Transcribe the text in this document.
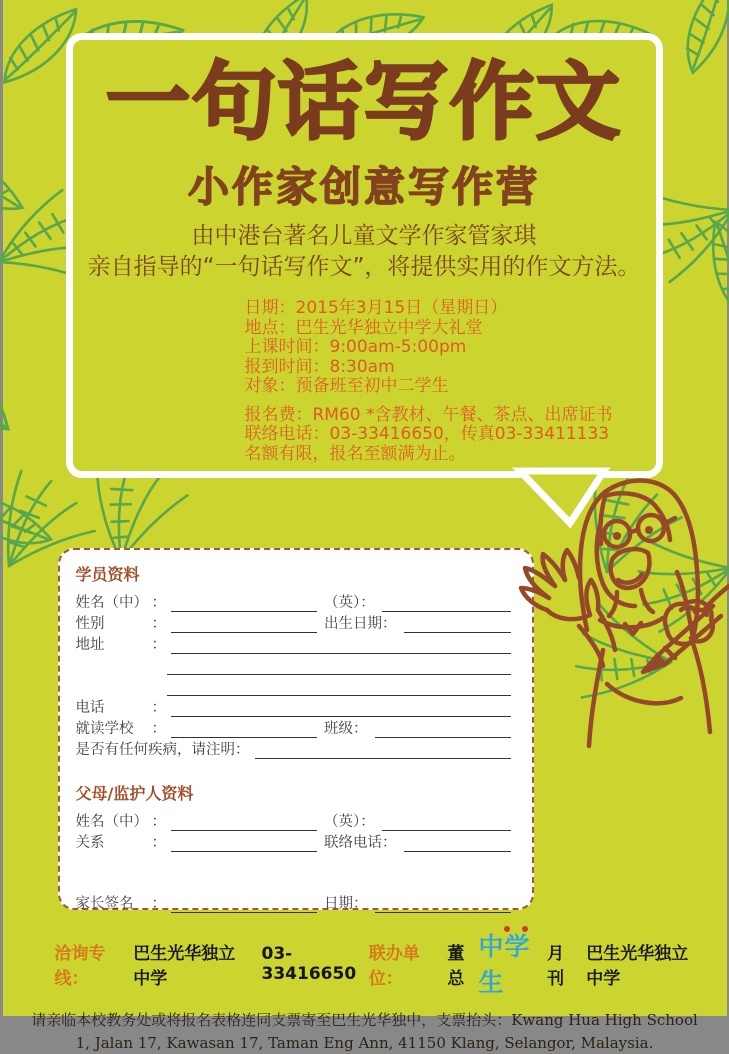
一句话写作文
小作家创意写作营
由中港台著名儿童文学作家管家琪
亲自指导的“一句话写作文”，将提供实用的作文方法。

日期：2015年3月15日（星期日）

地点：巴生光华独立中学大礼堂

上课时间：9:00am-5:00pm

报到时间：8:30am

对象：预备班至初中二学生

报名费：RM60 *含教材、午餐、茶点、出席证书

联络电话：03-33416650，传真03-33411133

名额有限，报名至额满为止。

学员资料

姓名（中） ：	（英）：
性别	：	出生日期：
地址	：
电话	：
就读学校	：	班级：
是否有任何疾病，请注明：

父母/监护人资料

姓名（中） ：	（英）：
关系	：	联络电话：
家长签名	：	日期：
洽询专线：
巴生光华独立中学
03-33416650
联办单位：
董总
中学生
月刊
巴生光华独立中学

请亲临本校教务处或将报名表格连同支票寄至巴生光华独中，支票抬头：Kwang Hua High School

1, Jalan 17, Kawasan 17, Taman Eng Ann, 41150 Klang, Selangor, Malaysia.
